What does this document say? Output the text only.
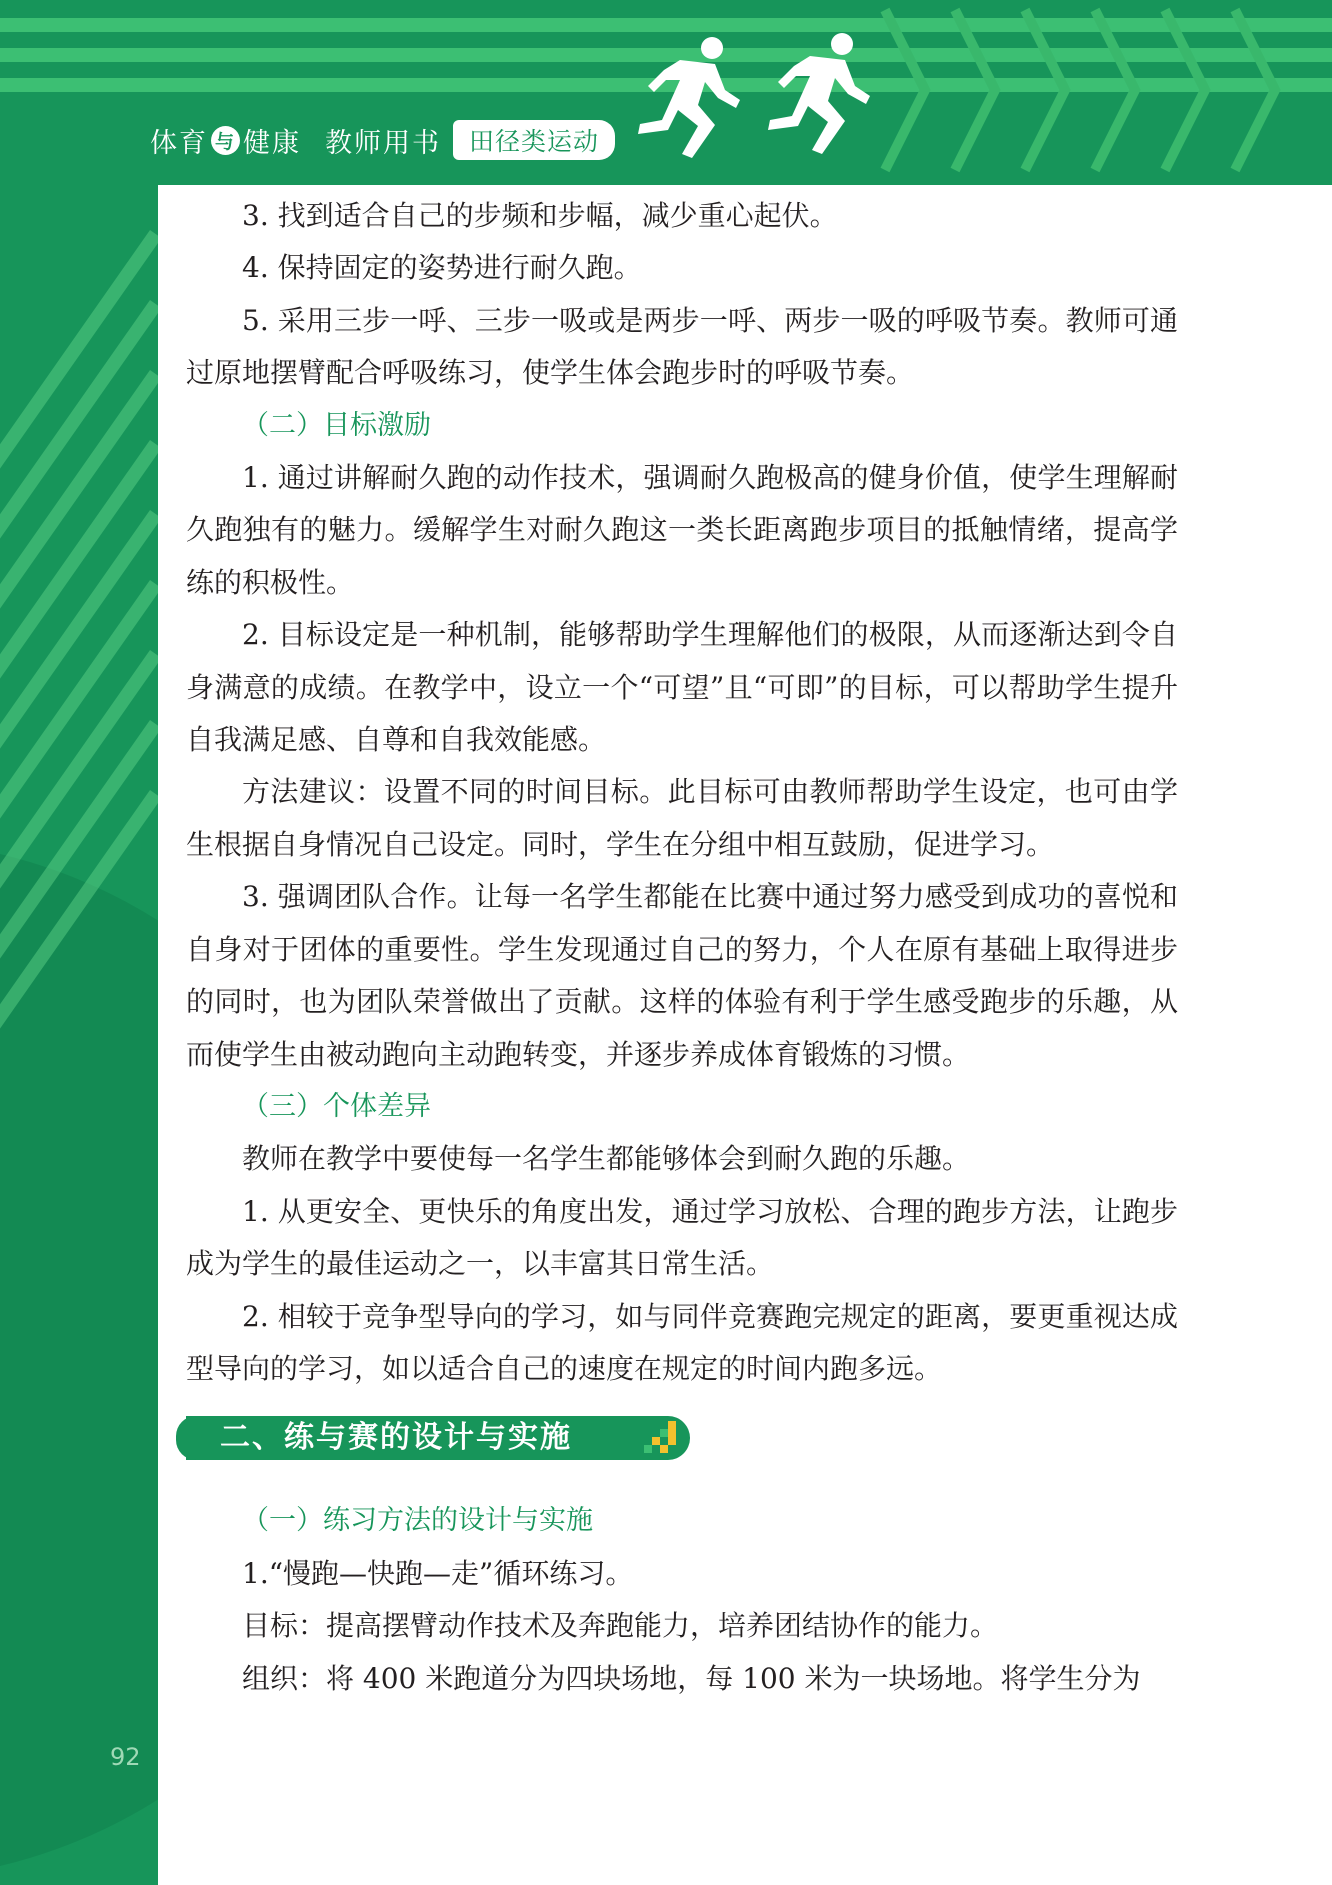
体育 与 健康 教师用书	田径类运动

3. 找到适合自己的步频和步幅，减少重心起伏。

4. 保持固定的姿势进行耐久跑。

5. 采用三步一呼、三步一吸或是两步一呼、两步一吸的呼吸节奏。教师可通过原地摆臂配合呼吸练习，使学生体会跑步时的呼吸节奏。

（二）目标激励

1. 通过讲解耐久跑的动作技术，强调耐久跑极高的健身价值，使学生理解耐久跑独有的魅力。缓解学生对耐久跑这一类长距离跑步项目的抵触情绪，提高学练的积极性。

2. 目标设定是一种机制，能够帮助学生理解他们的极限，从而逐渐达到令自身满意的成绩。在教学中，设立一个“可望”且“可即”的目标，可以帮助学生提升自我满足感、自尊和自我效能感。

方法建议：设置不同的时间目标。此目标可由教师帮助学生设定，也可由学生根据自身情况自己设定。同时，学生在分组中相互鼓励，促进学习。

3. 强调团队合作。让每一名学生都能在比赛中通过努力感受到成功的喜悦和自身对于团体的重要性。学生发现通过自己的努力，个人在原有基础上取得进步的同时，也为团队荣誉做出了贡献。这样的体验有利于学生感受跑步的乐趣，从而使学生由被动跑向主动跑转变，并逐步养成体育锻炼的习惯。

（三）个体差异

教师在教学中要使每一名学生都能够体会到耐久跑的乐趣。

1. 从更安全、更快乐的角度出发，通过学习放松、合理的跑步方法，让跑步成为学生的最佳运动之一，以丰富其日常生活。

2. 相较于竞争型导向的学习，如与同伴竞赛跑完规定的距离，要更重视达成型导向的学习，如以适合自己的速度在规定的时间内跑多远。

二、练与赛的设计与实施

（一）练习方法的设计与实施

1.“慢跑—快跑—走”循环练习。

目标：提高摆臂动作技术及奔跑能力，培养团结协作的能力。

组织：将 400 米跑道分为四块场地，每 100 米为一块场地。将学生分为

92
